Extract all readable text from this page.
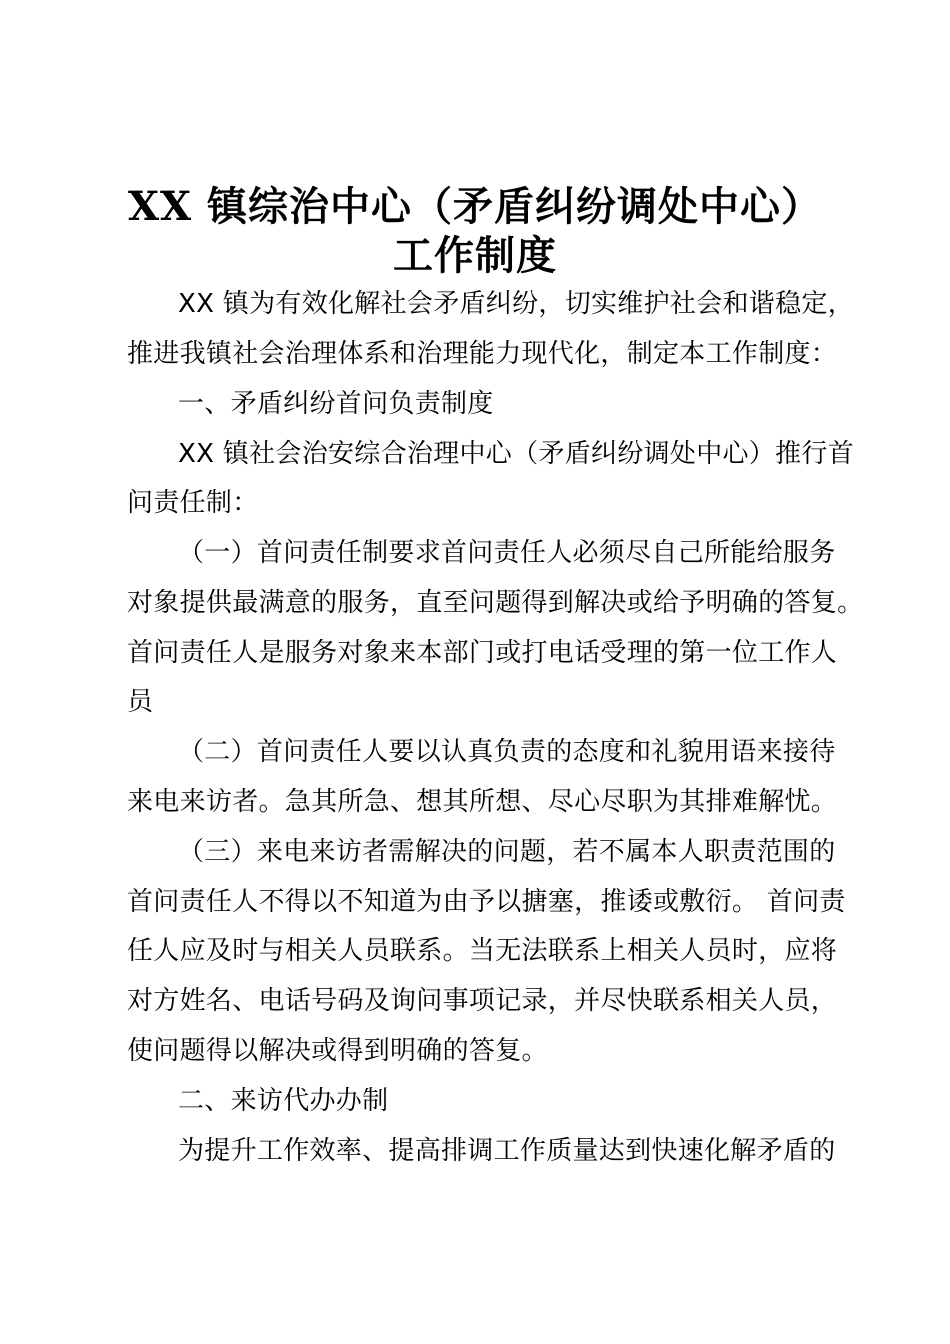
XX 镇综治中心（矛盾纠纷调处中心）
工作制度

XX 镇为有效化解社会矛盾纠纷，切实维护社会和谐稳定，

推进我镇社会治理体系和治理能力现代化，制定本工作制度：

一、矛盾纠纷首问负责制度

XX 镇社会治安综合治理中心（矛盾纠纷调处中心）推行首

问责任制：

（一）首问责任制要求首问责任人必须尽自己所能给服务

对象提供最满意的服务，直至问题得到解决或给予明确的答复。

首问责任人是服务对象来本部门或打电话受理的第一位工作人

员

（二）首问责任人要以认真负责的态度和礼貌用语来接待

来电来访者。急其所急、想其所想、尽心尽职为其排难解忧。

（三）来电来访者需解决的问题，若不属本人职责范围的

首问责任人不得以不知道为由予以搪塞，推诿或敷衍。 首问责

任人应及时与相关人员联系。当无法联系上相关人员时，应将

对方姓名、电话号码及询问事项记录，并尽快联系相关人员，

使问题得以解决或得到明确的答复。

二、来访代办办制

为提升工作效率、提高排调工作质量达到快速化解矛盾的
